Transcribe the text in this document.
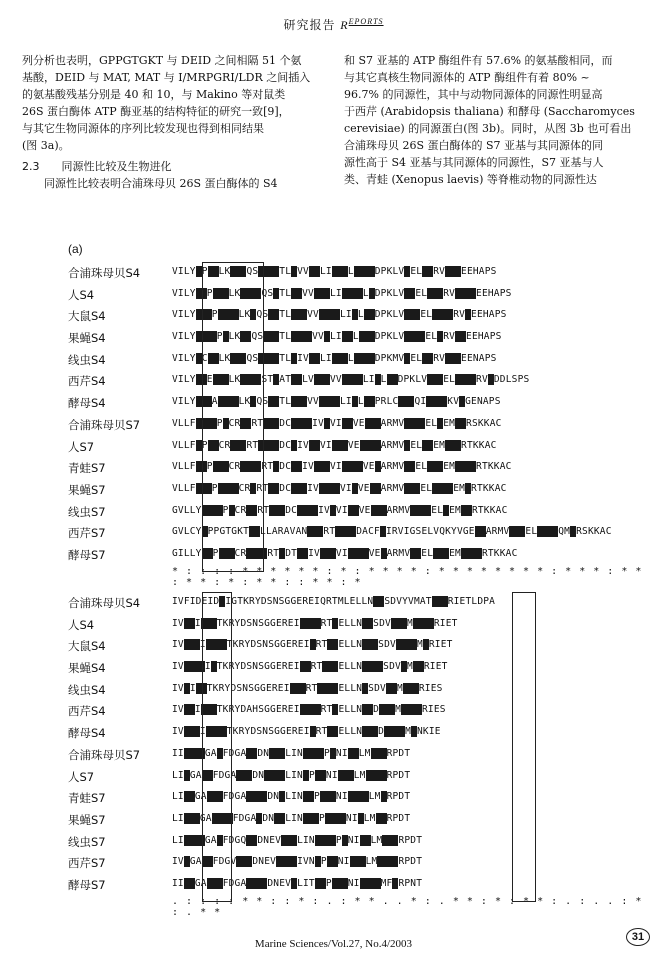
研究报告 $R^{EPORTS}$

列分析也表明，GPPGTGKT 与 DEID 之间相隔 51 个氨

基酸，DEID 与 MAT, MAT 与 I/MRPGRI/LDR 之间插入

的氨基酸残基分别是 40 和 10，与 Makino 等对鼠类

26S 蛋白酶体 ATP 酶亚基的结构特征的研究一致[9]，

与其它生物同源体的序列比较发现也得到相同结果

(图 3a)。

2.3 同源性比较及生物进化

同源性比较表明合浦珠母贝 26S 蛋白酶体的 S4

和 S7 亚基的 ATP 酶组件有 57.6% 的氨基酸相同，而

与其它真核生物同源体的 ATP 酶组件有着 80% ~

96.7% 的同源性，其中与动物同源体的同源性明显高

于西芹 (Arabidopsis thaliana) 和酵母 (Saccharomyces

cerevisiae) 的同源蛋白(图 3b)。同时，从图 3b 也可看出

合浦珠母贝 26S 蛋白酶体的 S7 亚基与其同源体的同

源性高于 S4 亚基与其同源体的同源性，S7 亚基与人

类、青蛙 (Xenopus laevis) 等脊椎动物的同源性达

(a)
合浦珠母贝S4	VILY P LK QS TL VV LI L DPKLV EL RV EEHAPS
人S4	VILY P LK QS TL VV LI L DPKLV EL RV EEHAPS
大鼠S4	VILY P LK QS TL VV LI L DPKLV EL RV EEHAPS
果蝇S4	VILY P LK QS TL VV LI L DPKLV EL RV EEHAPS
线虫S4	VILY C LK QS TL IV LI L DPKMV EL RV EENAPS
西芹S4	VILY E LK ST AT LV VV LI L DPKLV EL RV DDLSPS
酵母S4	VILY A LK QS TL VV LI L PRLC QI KV GENAPS
合浦珠母贝S7	VLLF P CR RT DC IV VI VE ARMV EL EM RSKKAC
人S7	VLLF P CR RT DC IV VI VE ARMV EL EM RTKKAC
青蛙S7	VLLF P CR RT DC IV VI VE ARMV EL EM RTKKAC
果蝇S7	VLLF P CR RT DC IV VI VE ARMV EL EM RTKKAC
线虫S7	GVLLY P CR RT DC IV VI VE ARMV EL EM RTKKAC
西芹S7	GVLCY PPGTGKT LLARAVAN RT DACF IRVIGSELVQKYVGE ARMV EL QM RSKKAC
酵母S7	GILLY P CR RT DT IV VI VE ARMV EL EM RTKKAC
* : : : : * * * * * * : * : * * * * : * * * * * * * * : * * * : * * : * * : * : * * : : * * : *
合浦珠母贝S4	IVFIDEID IGTKRYDSNSGGEREIQRTMLELLN SDVYVMAT RIETLDPA
人S4	IV I TKRYDSNSGGEREI RT ELLN SDV M RIET
大鼠S4	IV I TKRYDSNSGGEREI RT ELLN SDV M RIET
果蝇S4	IV I TKRYDSNSGGEREI RT ELLN SDV M RIET
线虫S4	IV I TKRYDSNSGGEREI RT ELLN SDV M RIES
西芹S4	IV I TKRYDAHSGGEREI RT ELLN D M RIES
酵母S4	IV I TKRYDSNSGGEREI RT ELLN D M NKIE
合浦珠母贝S7	II GA FDGA DN LIN P NI LM RPDT
人S7	LI GA FDGA DN LIN P NI LM RPDT
青蛙S7	LI GA FDGA DN LIN P NI LM RPDT
果蝇S7	LI GA FDGA DN LIN P NI LM RPDT
线虫S7	LI GA FDGQ DNEV LIN P NI LM RPDT
西芹S7	IV GA FDGV DNEV IVN P NI LM RPDT
酵母S7	II GA FDGA DNEV LIT P NI MF RPNT
. : : : : * * : : * : . : * * . . * : . * * : * : * * : . : . . : * : . * *
Marine Sciences/Vol.27, No.4/2003
31
